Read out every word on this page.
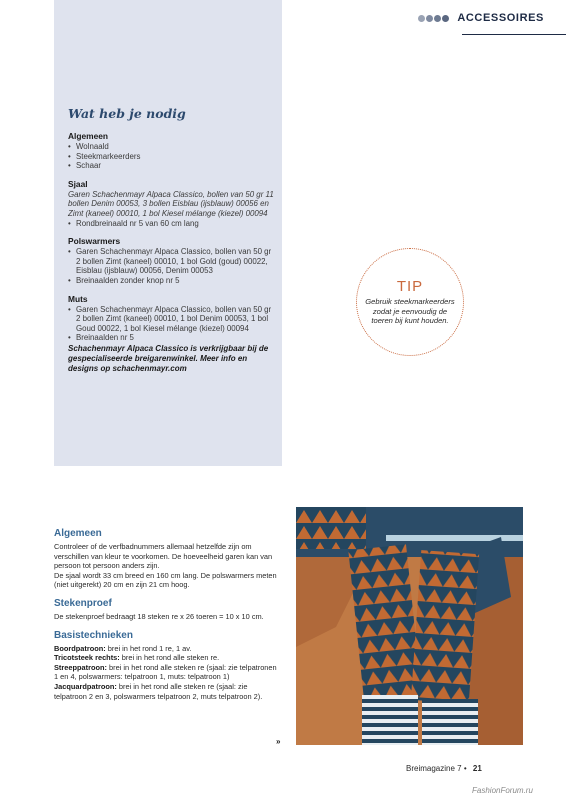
ACCESSOIRES
Wat heb je nodig
Algemeen
• Wolnaald
• Steekmarkeerders
• Schaar
Sjaal
Garen Schachenmayr Alpaca Classico, bollen van 50 gr 11 bollen Denim 00053, 3 bollen Eisblau (ijsblauw) 00056 en Zimt (kaneel) 00010, 1 bol Kiesel mélange (kiezel) 00094
• Rondbreinaald nr 5 van 60 cm lang
Polswarmers
• Garen Schachenmayr Alpaca Classico, bollen van 50 gr 2 bollen Zimt (kaneel) 00010, 1 bol Gold (goud) 00022, Eisblau (ijsblauw) 00056, Denim 00053
• Breinaalden zonder knop nr 5
Muts
• Garen Schachenmayr Alpaca Classico, bollen van 50 gr 2 bollen Zimt (kaneel) 00010, 1 bol Denim 00053, 1 bol Goud 00022, 1 bol Kiesel mélange (kiezel) 00094
• Breinaalden nr 5
Schachenmayr Alpaca Classico is verkrijgbaar bij de gespecialiseerde breigarenwinkel. Meer info en designs op schachenmayr.com
TIP
Gebruik steekmarkeerders zodat je eenvoudig de toeren bij kunt houden.
Algemeen
Controleer of de verfbadnummers allemaal hetzelfde zijn om verschillen van kleur te voorkomen. De hoeveelheid garen kan van persoon tot persoon anders zijn.
De sjaal wordt 33 cm breed en 160 cm lang. De polswarmers meten (niet uitgerekt) 20 cm en zijn 21 cm hoog.
Stekenproef
De stekenproef bedraagt 18 steken re x 26 toeren = 10 x 10 cm.
Basistechnieken
Boordpatroon: brei in het rond 1 re, 1 av.
Tricotsteek rechts: brei in het rond alle steken re.
Streeppatroon: brei in het rond alle steken re (sjaal: zie telpatronen 1 en 4, polswarmers: telpatroon 1, muts: telpatroon 1)
Jacquardpatroon: brei in het rond alle steken re (sjaal: zie telpatroon 2 en 3, polswarmers telpatroon 2, muts telpatroon 2).
»
Breimagazine 7 • 21
FashionForum.ru
